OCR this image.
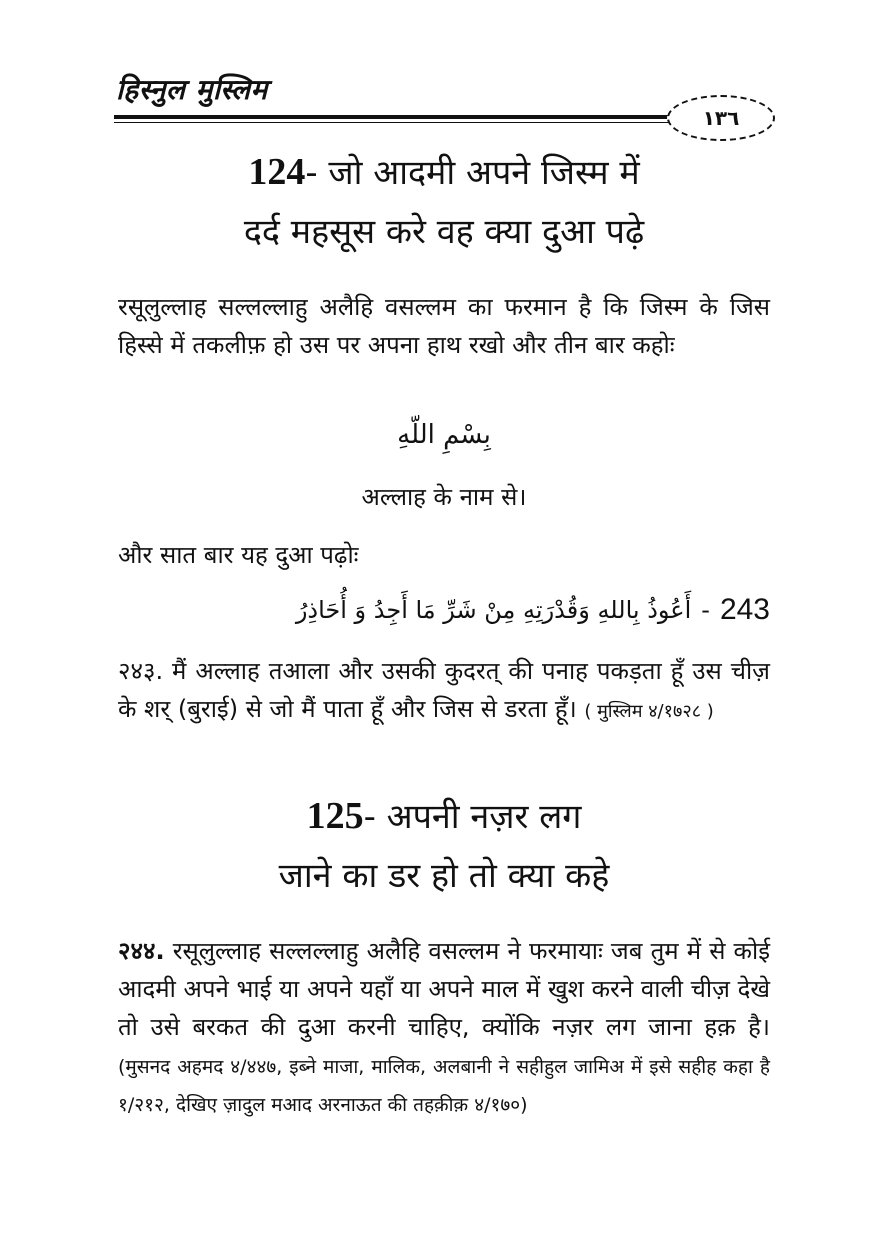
हिस्नुल मुस्लिम
١٣٦
124- जो आदमी अपने जिस्म में
दर्द महसूस करे वह क्या दुआ पढ़े
रसूलुल्लाह सल्लल्लाहु अलैहि वसल्लम का फरमान है कि जिस्म के जिस हिस्से में तकलीफ़ हो उस पर अपना हाथ रखो और तीन बार कहोः
بِسْمِ اللّهِ
अल्लाह के नाम से।
और सात बार यह दुआ पढ़ोः
أَعُوذُ بِاللهِ وَقُدْرَتِهِ مِنْ شَرِّ مَا أَجِدُ وَ أُحَاذِرُ - 243
२४३. मैं अल्लाह तआला और उसकी कुदरत् की पनाह पकड़ता हूँ उस चीज़ के शर् (बुराई) से जो मैं पाता हूँ और जिस से डरता हूँ। ( मुस्लिम ४/१७२८ )
125- अपनी नज़र लग
जाने का डर हो तो क्या कहे
२४४. रसूलुल्लाह सल्लल्लाहु अलैहि वसल्लम ने फरमायाः जब तुम में से कोई आदमी अपने भाई या अपने यहाँ या अपने माल में खुश करने वाली चीज़ देखे तो उसे बरकत की दुआ करनी चाहिए, क्योंकि नज़र लग जाना हक़ है। (मुसनद अहमद ४/४४७, इब्ने माजा, मालिक, अलबानी ने सहीहुल जामिअ में इसे सहीह कहा है १/२१२, देखिए ज़ादुल मआद अरनाऊत की तहक़ीक़ ४/१७०)
